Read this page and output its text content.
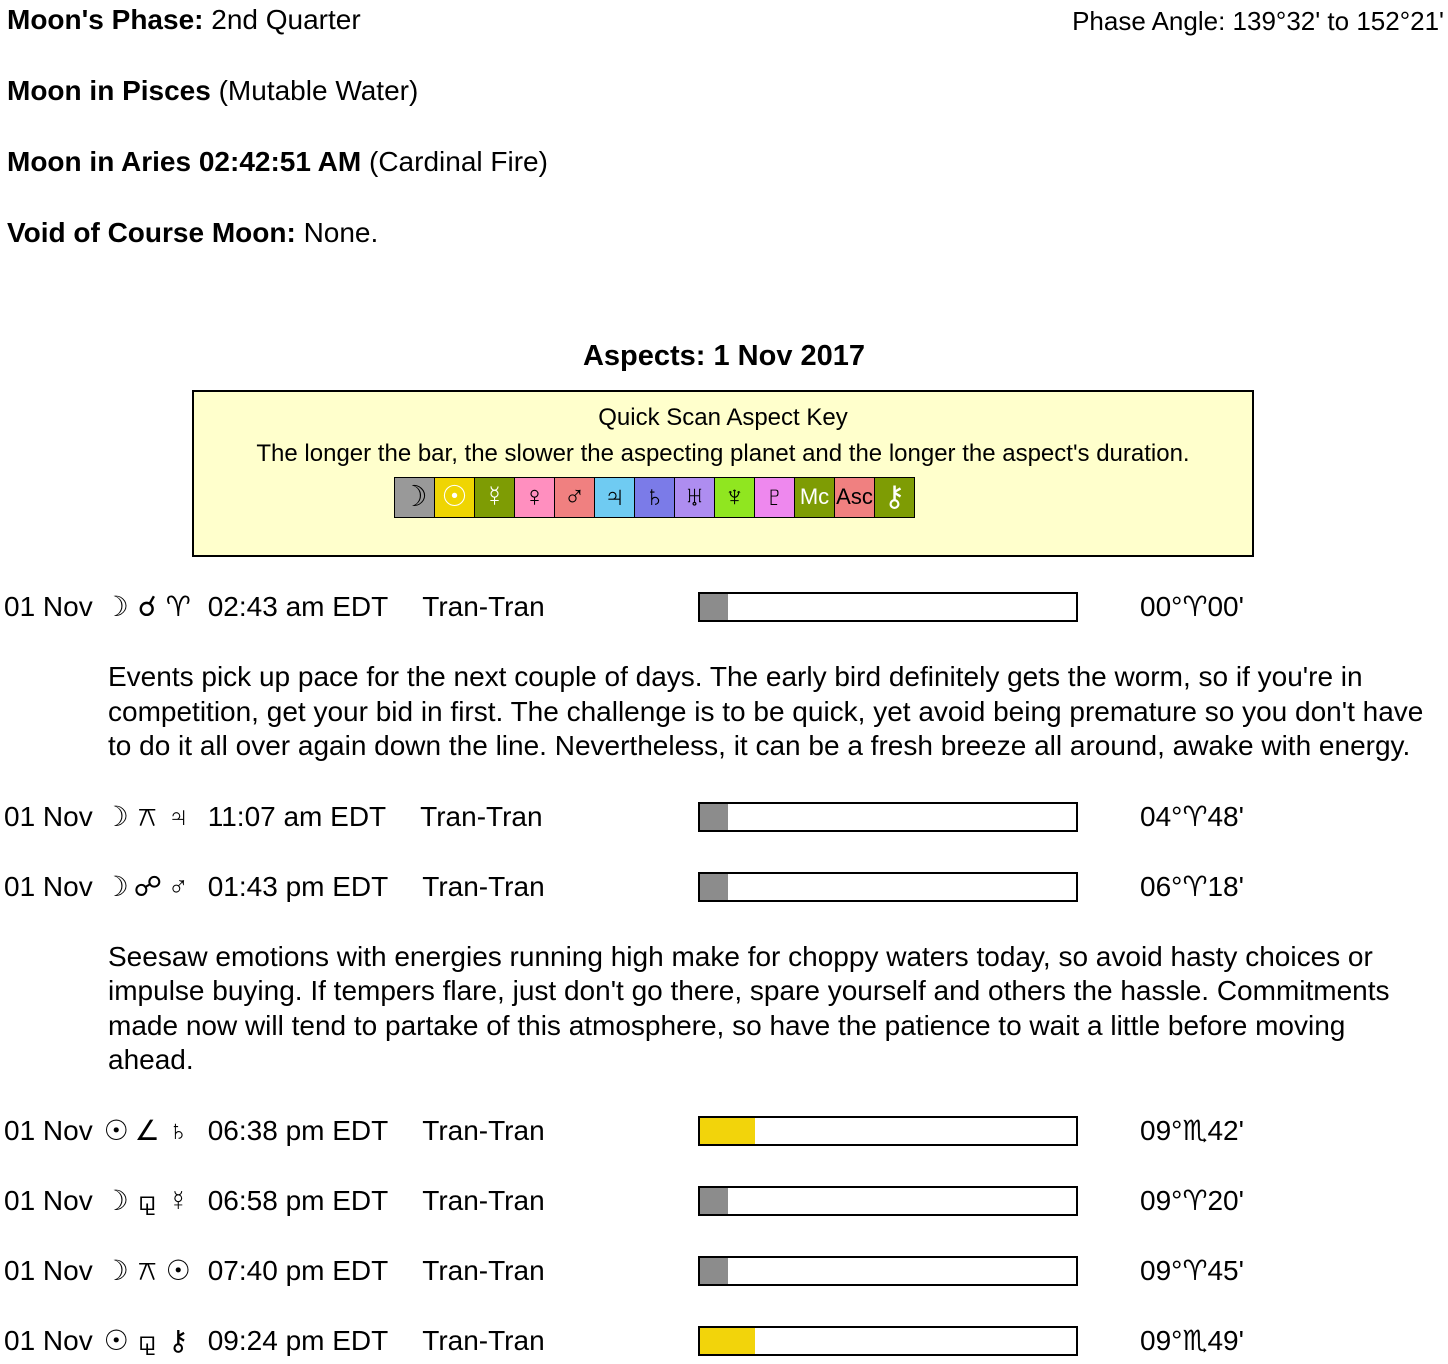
Moon's Phase: 2nd Quarter	Phase Angle: 139°32' to 152°21'
Moon in Pisces (Mutable Water)
Moon in Aries 02:42:51 AM (Cardinal Fire)
Void of Course Moon: None.
Aspects: 1 Nov 2017
Quick Scan Aspect Key
The longer the bar, the slower the aspecting planet and the longer the aspect's duration.
☽ ☉ ☿ ♀ ♂ ♃ ♄ ♅ ♆ ♇ Mc Asc ⚷
01 Nov ☽ ☌ ♈ 02:43 am EDT Tran-Tran	00°♈00'
Events pick up pace for the next couple of days. The early bird definitely gets the worm, so if you're in competition, get your bid in first. The challenge is to be quick, yet avoid being premature so you don't have to do it all over again down the line. Nevertheless, it can be a fresh breeze all around, awake with energy.
01 Nov ☽ ⚻ ♃ 11:07 am EDT Tran-Tran	04°♈48'
01 Nov ☽ ☍ ♂ 01:43 pm EDT Tran-Tran	06°♈18'
Seesaw emotions with energies running high make for choppy waters today, so avoid hasty choices or impulse buying. If tempers flare, just don't go there, spare yourself and others the hassle. Commitments made now will tend to partake of this atmosphere, so have the patience to wait a little before moving ahead.
01 Nov ☉ ∠ ♄ 06:38 pm EDT Tran-Tran	09°♏42'
01 Nov ☽ ⚼ ☿ 06:58 pm EDT Tran-Tran	09°♈20'
01 Nov ☽ ⚻ ☉ 07:40 pm EDT Tran-Tran	09°♈45'
01 Nov ☉ ⚼ ⚷ 09:24 pm EDT Tran-Tran	09°♏49'
